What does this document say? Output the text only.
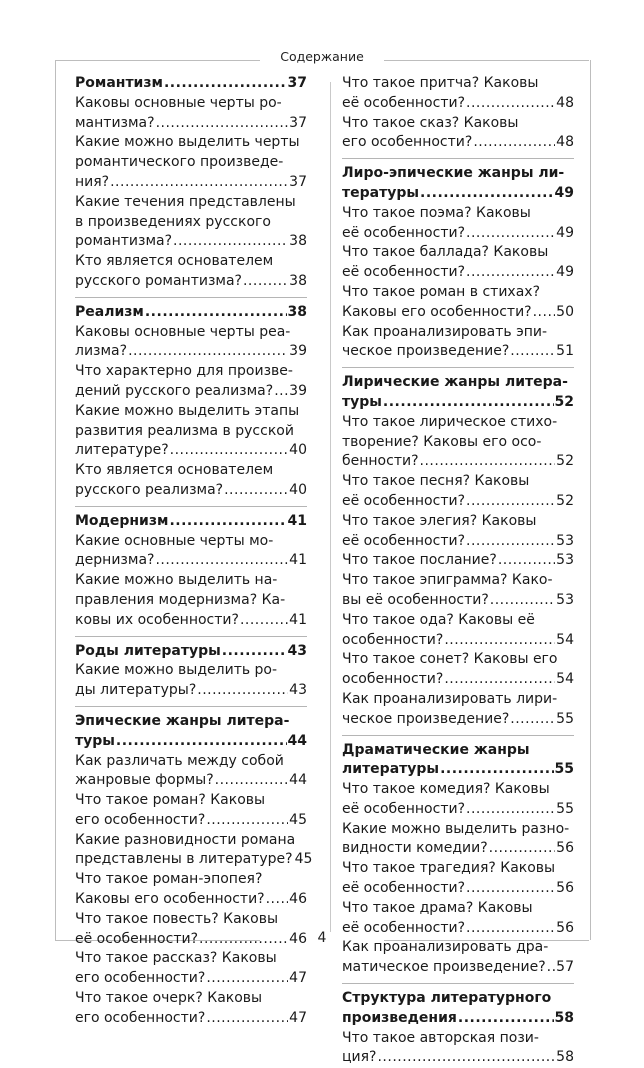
Содержание
Романтизм .....	37
Каковы основные черты ро-
мантизма? .....	37
Какие можно выделить черты
романтического произведе-
ния? .....	37
Какие течения представлены
в произведениях русского
романтизма? .....	38
Кто является основателем
русского романтизма? .....	38
Реализм .....	38
Каковы основные черты реа-
лизма? .....	39
Что характерно для произве-
дений русского реализма? ..... 39
Какие можно выделить этапы
развития реализма в русской
литературе? .....	40
Кто является основателем
русского реализма? .....	40
Модернизм .....	41
Какие основные черты мо-
дернизма? .....	41
Какие можно выделить на-
правления модернизма? Ка-
ковы их особенности? .....	41
Роды литературы .....	43
Какие можно выделить ро-
ды литературы? .....	43
Эпические жанры литера-
туры .....	44
Как различать между собой
жанровые формы? .....	44
Что такое роман? Каковы
его особенности? .....	45
Какие разновидности романа
представлены в литературе? 45
Что такое роман-эпопея?
Каковы его особенности? ..... 46
Что такое повесть? Каковы
её особенности? .....	46
Что такое рассказ? Каковы
его особенности? .....	47
Что такое очерк? Каковы
его особенности? .....	47
Что такое притча? Каковы
её особенности? .....	48
Что такое сказ? Каковы
его особенности? .....	48
Лиро-эпические жанры ли-
тературы .....	49
Что такое поэма? Каковы
её особенности? .....	49
Что такое баллада? Каковы
её особенности? .....	49
Что такое роман в стихах?
Каковы его особенности? ..... 50
Как проанализировать эпи-
ческое произведение? .....	51
Лирические жанры литера-
туры .....	52
Что такое лирическое стихо-
творение? Каковы его осо-
бенности? .....	52
Что такое песня? Каковы
её особенности? .....	52
Что такое элегия? Каковы
её особенности? .....	53
Что такое послание? .....	53
Что такое эпиграмма? Како-
вы её особенности? .....	53
Что такое ода? Каковы её
особенности? .....	54
Что такое сонет? Каковы его
особенности? .....	54
Как проанализировать лири-
ческое произведение? .....	55
Драматические жанры
литературы .....	55
Что такое комедия? Каковы
её особенности? .....	55
Какие можно выделить разно-
видности комедии? .....	56
Что такое трагедия? Каковы
её особенности? .....	56
Что такое драма? Каковы
её особенности? .....	56
Как проанализировать дра-
матическое произведение? ..... 57
Структура литературного
произведения .....	58
Что такое авторская пози-
ция? .....	58
4
